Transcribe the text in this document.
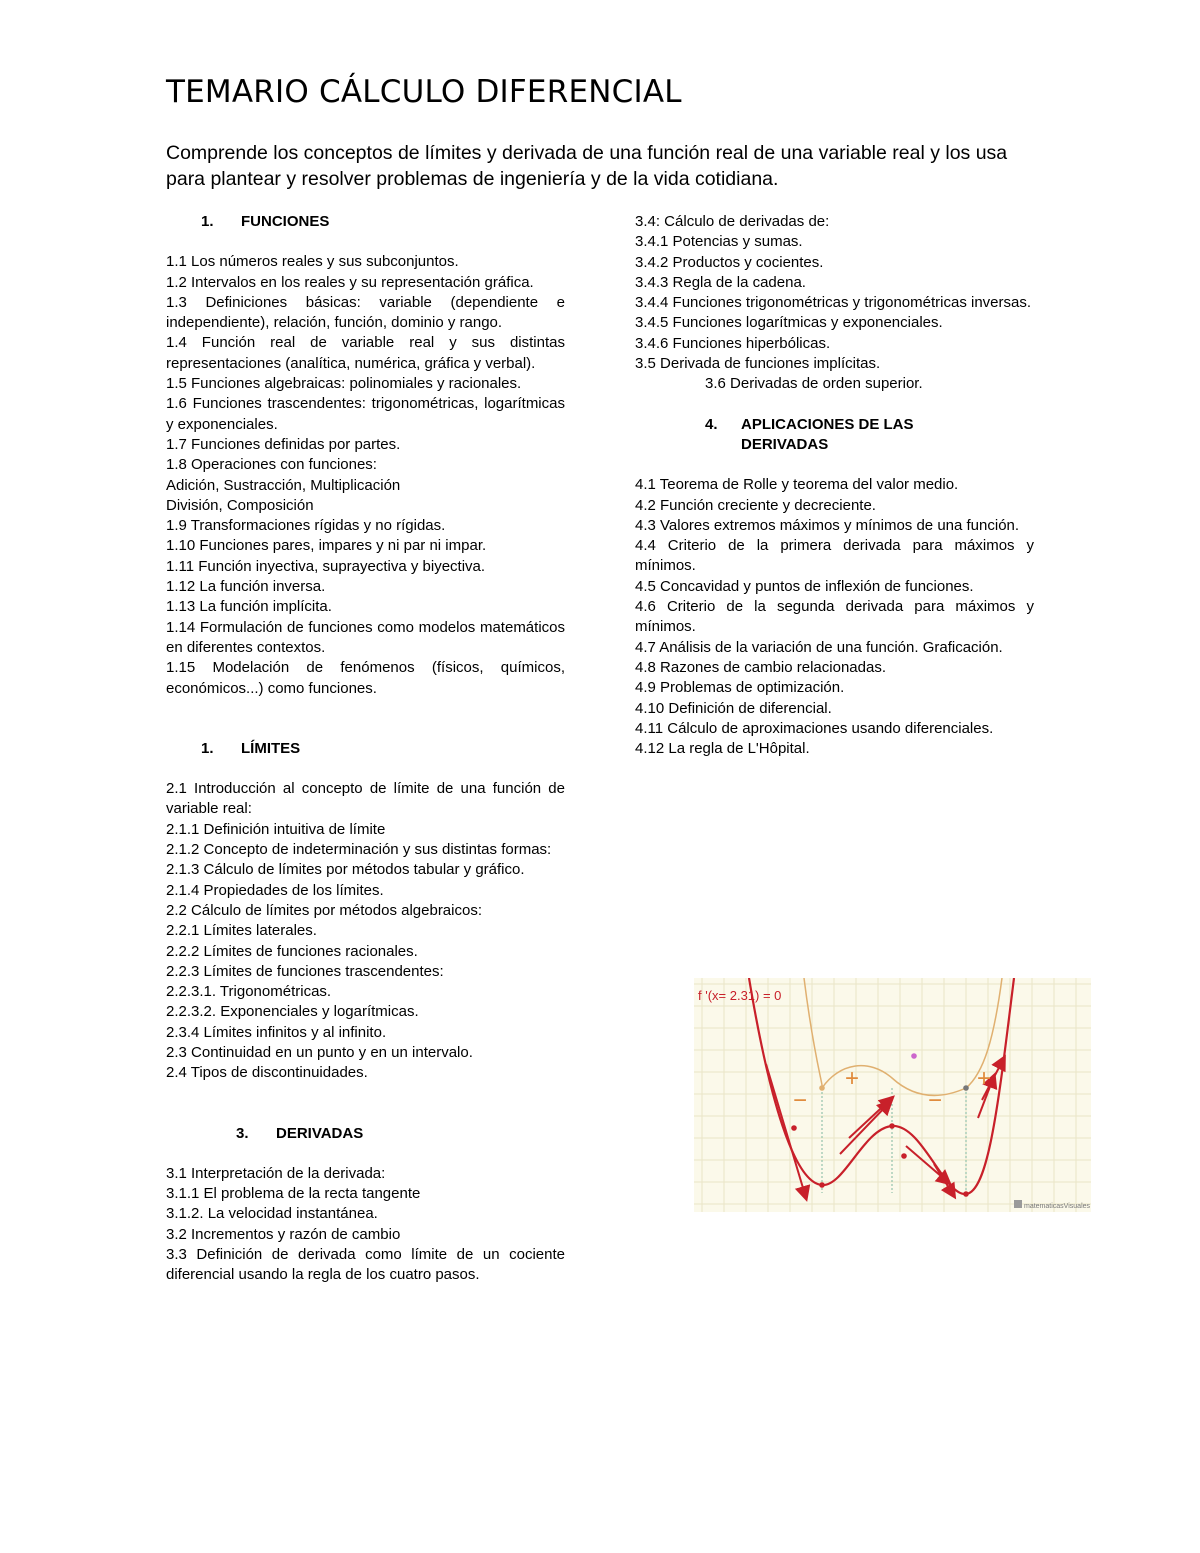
TEMARIO CÁLCULO DIFERENCIAL
Comprende los conceptos de límites y derivada de una función real de una variable real y los usa para plantear y resolver problemas de ingeniería y de la vida cotidiana.

1. FUNCIONES

1.1 Los números reales y sus subconjuntos.

1.2 Intervalos en los reales y su representación gráfica.

1.3 Definiciones básicas: variable (dependiente e independiente), relación, función, dominio y rango.

1.4 Función real de variable real y sus distintas representaciones (analítica, numérica, gráfica y verbal).

1.5 Funciones algebraicas: polinomiales y racionales.

1.6 Funciones trascendentes: trigonométricas, logarítmicas y exponenciales.

1.7 Funciones definidas por partes.

1.8 Operaciones con funciones:

Adición, Sustracción, Multiplicación

División, Composición

1.9 Transformaciones rígidas y no rígidas.

1.10 Funciones pares, impares y ni par ni impar.

1.11 Función inyectiva, suprayectiva y biyectiva.

1.12 La función inversa.

1.13 La función implícita.

1.14 Formulación de funciones como modelos matemáticos en diferentes contextos.

1.15 Modelación de fenómenos (físicos, químicos, económicos...) como funciones.

1. LÍMITES

2.1 Introducción al concepto de límite de una función de variable real:

2.1.1 Definición intuitiva de límite

2.1.2 Concepto de indeterminación y sus distintas formas:

2.1.3 Cálculo de límites por métodos tabular y gráfico.

2.1.4 Propiedades de los límites.

2.2 Cálculo de límites por métodos algebraicos:

2.2.1 Límites laterales.

2.2.2 Límites de funciones racionales.

2.2.3 Límites de funciones trascendentes:

2.2.3.1. Trigonométricas.

2.2.3.2. Exponenciales y logarítmicas.

2.3.4 Límites infinitos y al infinito.

2.3 Continuidad en un punto y en un intervalo.

2.4 Tipos de discontinuidades.

3. DERIVADAS

3.1 Interpretación de la derivada:

3.1.1 El problema de la recta tangente

3.1.2. La velocidad instantánea.

3.2 Incrementos y razón de cambio

3.3 Definición de derivada como límite de un cociente diferencial usando la regla de los cuatro pasos.

3.4: Cálculo de derivadas de:

3.4.1 Potencias y sumas.

3.4.2 Productos y cocientes.

3.4.3 Regla de la cadena.

3.4.4 Funciones trigonométricas y trigonométricas inversas.

3.4.5 Funciones logarítmicas y exponenciales.

3.4.6 Funciones hiperbólicas.

3.5 Derivada de funciones implícitas.

3.6 Derivadas de orden superior.

4.	APLICACIONES DE LAS
DERIVADAS

4.1 Teorema de Rolle y teorema del valor medio.

4.2 Función creciente y decreciente.

4.3 Valores extremos máximos y mínimos de una función.

4.4 Criterio de la primera derivada para máximos y mínimos.

4.5 Concavidad y puntos de inflexión de funciones.

4.6 Criterio de la segunda derivada para máximos y mínimos.

4.7 Análisis de la variación de una función. Graficación.

4.8 Razones de cambio relacionadas.

4.9 Problemas de optimización.

4.10 Definición de diferencial.

4.11 Cálculo de aproximaciones usando diferenciales.

4.12 La regla de L'Hôpital.

f '(x= 2.31) = 0
−
+
−
+
matematicasVisuales
